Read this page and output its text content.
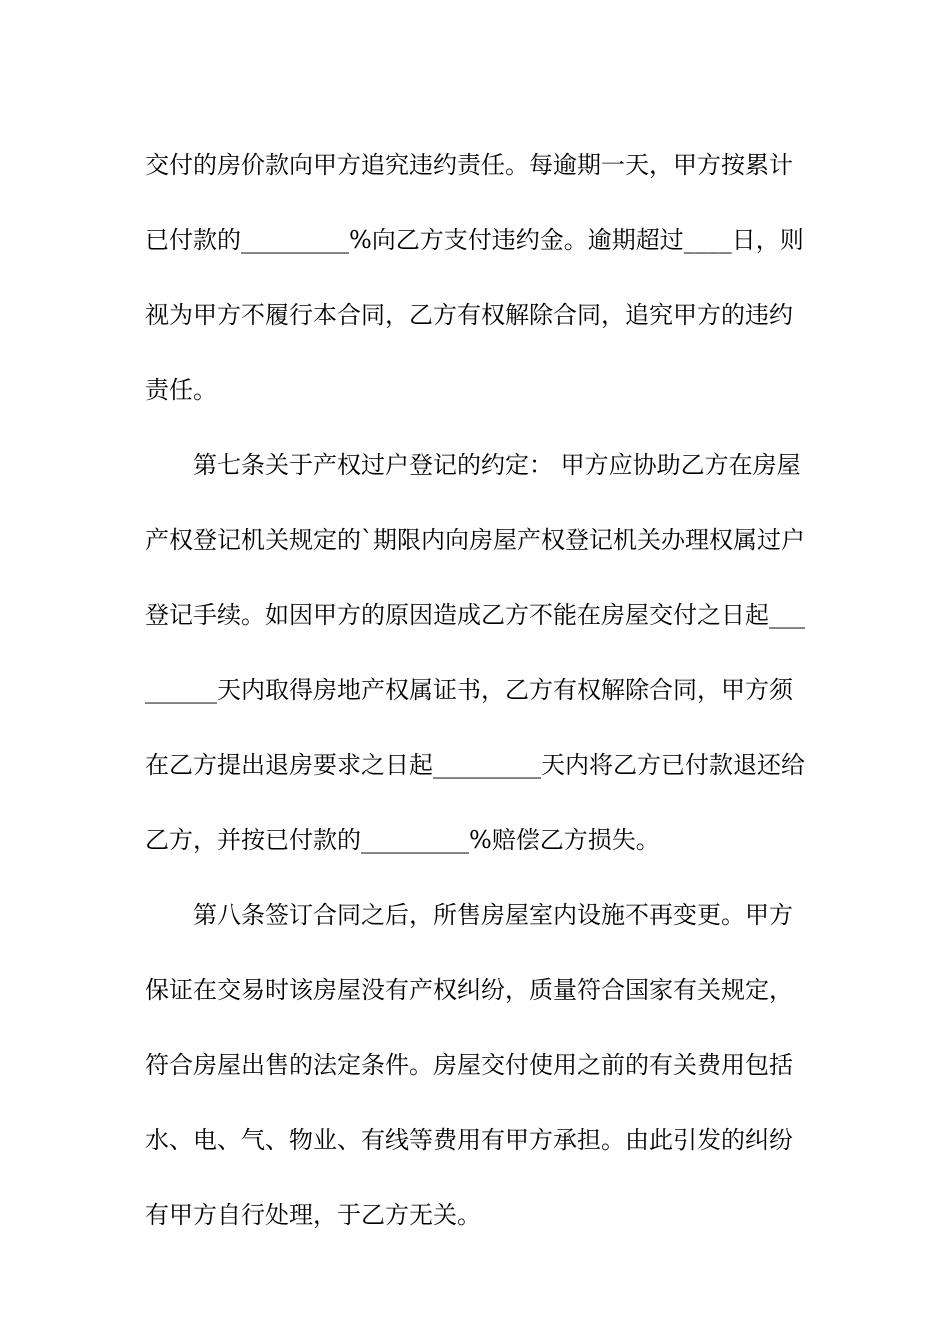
交付的房价款向甲方追究违约责任。每逾期一天，甲方按累计
已付款的_________%向乙方支付违约金。逾期超过____日，则
视为甲方不履行本合同，乙方有权解除合同，追究甲方的违约
责任。
第七条关于产权过户登记的约定： 甲方应协助乙方在房屋
产权登记机关规定的`期限内向房屋产权登记机关办理权属过户
登记手续。如因甲方的原因造成乙方不能在房屋交付之日起___
______天内取得房地产权属证书，乙方有权解除合同，甲方须
在乙方提出退房要求之日起_________天内将乙方已付款退还给
乙方，并按已付款的_________%赔偿乙方损失。
第八条签订合同之后，所售房屋室内设施不再变更。甲方
保证在交易时该房屋没有产权纠纷，质量符合国家有关规定，
符合房屋出售的法定条件。房屋交付使用之前的有关费用包括
水、电、气、物业、有线等费用有甲方承担。由此引发的纠纷
有甲方自行处理，于乙方无关。
